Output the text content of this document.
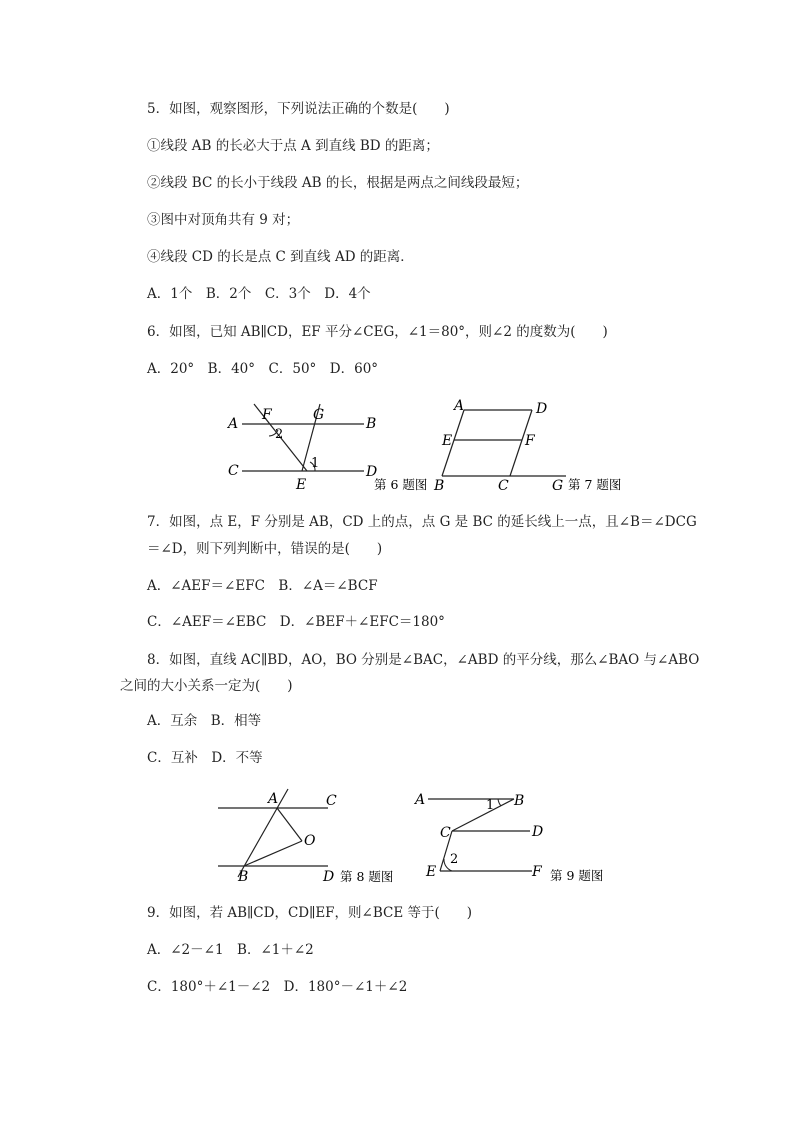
5．如图，观察图形，下列说法正确的个数是(　　)
①线段 AB 的长必大于点 A 到直线 BD 的距离；
②线段 BC 的长小于线段 AB 的长，根据是两点之间线段最短；
③图中对顶角共有 9 对；
④线段 CD 的长是点 C 到直线 AD 的距离．
A．1个　B．2个　C．3个　D．4个
6．如图，已知 AB∥CD，EF 平分∠CEG，∠1＝80°，则∠2 的度数为(　　)
A．20°　B．40°　C．50°　D．60°
A	B
C	D
E
F	G
1
2
第 6 题图
A	D
E	F
B	C	G 第 7 题图
7．如图，点 E，F 分别是 AB，CD 上的点，点 G 是 BC 的延长线上一点，且∠B＝∠DCG
＝∠D，则下列判断中，错误的是(　　)
A．∠AEF＝∠EFC　B．∠A＝∠BCF
C．∠AEF＝∠EBC　D．∠BEF＋∠EFC＝180°
8．如图，直线 AC∥BD，AO，BO 分别是∠BAC，∠ABD 的平分线，那么∠BAO 与∠ABO
之间的大小关系一定为(　　)
A．互余　B．相等
C．互补　D．不等
A	C
O
B	D 第 8 题图
A	B
C	D
E	F
1
2
第 9 题图
9．如图，若 AB∥CD，CD∥EF，则∠BCE 等于(　　)
A．∠2－∠1　B．∠1＋∠2
C．180°＋∠1－∠2　D．180°－∠1＋∠2
